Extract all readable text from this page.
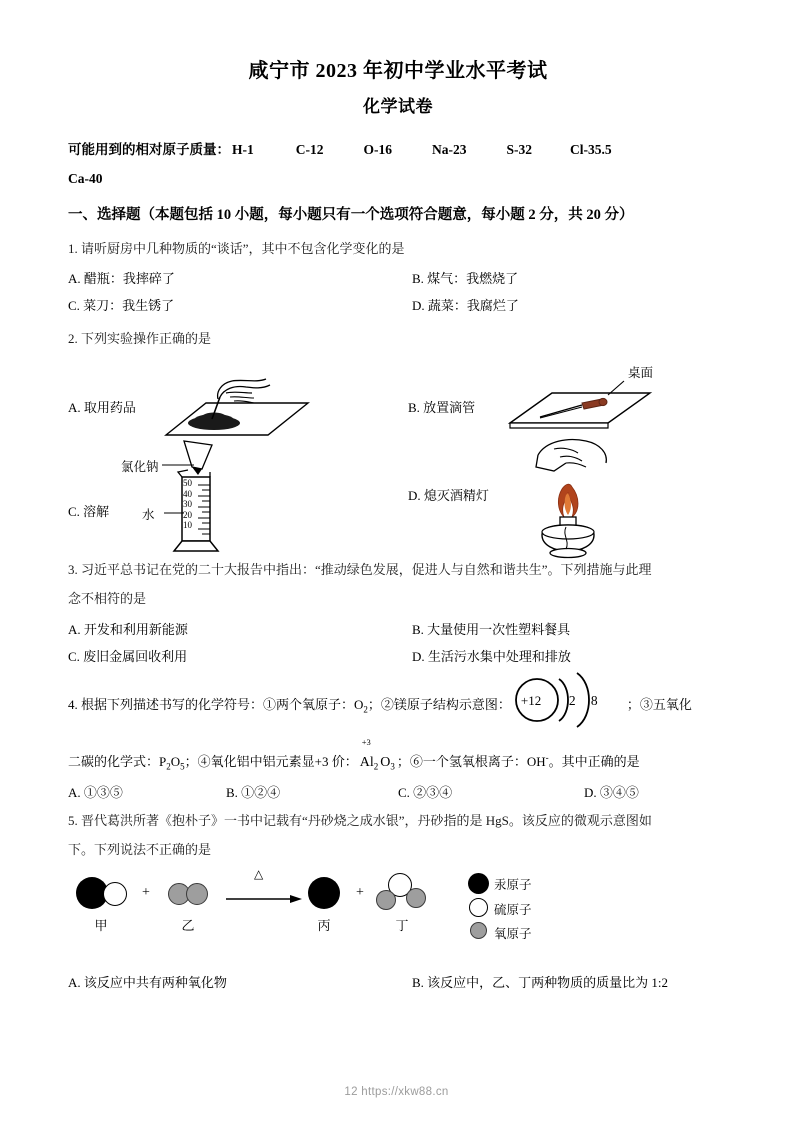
咸宁市 2023 年初中学业水平考试
化学试卷
可能用到的相对原子质量： H-1	C-12	O-16	Na-23	S-32	Cl-35.5
Ca-40
一、选择题（本题包括 10 小题，每小题只有一个选项符合题意，每小题 2 分，共 20 分）
1. 请听厨房中几种物质的“谈话”，其中不包含化学变化的是
A. 醋瓶：我摔碎了	B. 煤气：我燃烧了
C. 菜刀：我生锈了	D. 蔬菜：我腐烂了
2. 下列实验操作正确的是
A. 取用药品	B. 放置滴管
桌面
C. 溶解
50
40
30
20
10
氯化钠
水
D. 熄灭酒精灯
3. 习近平总书记在党的二十大报告中指出：“推动绿色发展，促进人与自然和谐共生”。下列措施与此理
念不相符的是
A. 开发和利用新能源	B. 大量使用一次性塑料餐具
C. 废旧金属回收利用	D. 生活污水集中处理和排放
4. 根据下列描述书写的化学符号：①两个氧原子：$O_2$；②镁原子结构示意图： +12 2 8 ；③五氧化
二碳的化学式：$P_2O_5$；④氧化铝中铝元素显+3 价：
+3
$Al_2$ $O_3$ ；⑥一个氢氧根离子：OH-。其中正确的是
A. ①③⑤	B. ①②④	C. ②③④	D. ③④⑤
5. 晋代葛洪所著《抱朴子》一书中记载有“丹砂烧之成水银”，丹砂指的是 HgS。该反应的微观示意图如
下。下列说法不正确的是
甲
+
乙
△
丙
+
丁
汞原子
硫原子
氧原子
A. 该反应中共有两种氧化物	B. 该反应中，乙、丁两种物质的质量比为 1:2
12 https://xkw88.cn
